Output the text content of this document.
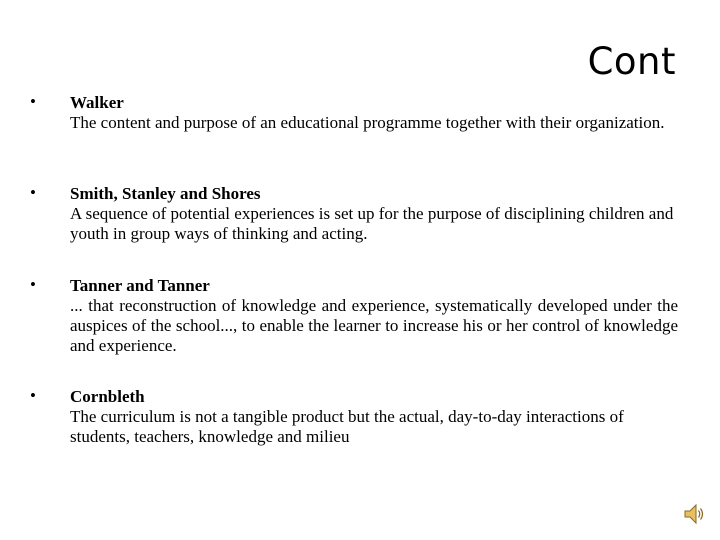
Cont
• Walker
The content and purpose of an educational programme together with their organization.
• Smith, Stanley and Shores
A sequence of potential experiences is set up for the purpose of disciplining children and youth in group ways of thinking and acting.
• Tanner and Tanner
... that reconstruction of knowledge and experience, systematically developed under the auspices of the school..., to enable the learner to increase his or her control of knowledge and experience.
• Cornbleth
The curriculum is not a tangible product but the actual, day-to-day interactions of students, teachers, knowledge and milieu
